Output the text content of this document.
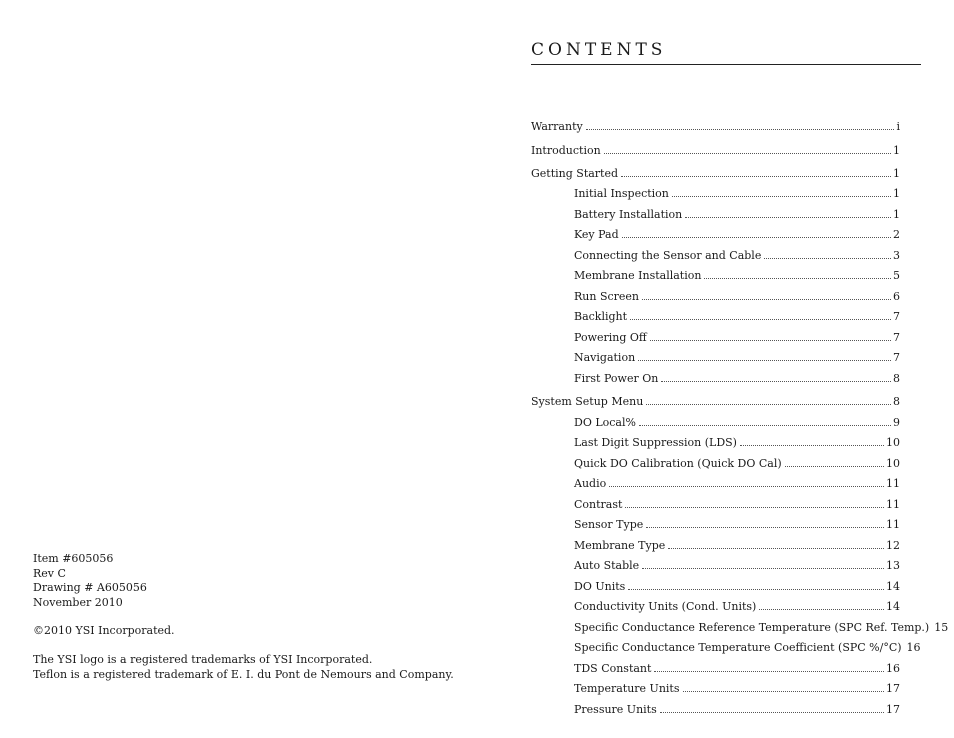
Item #605056
Rev C
Drawing # A605056
November 2010
©2010 YSI Incorporated.
The YSI logo is a registered trademarks of YSI Incorporated.
Teflon is a registered trademark of E. I. du Pont de Nemours and Company.
CONTENTS
Warranty	i
Introduction	1
Getting Started	1
Initial Inspection	1
Battery Installation	1
Key Pad	2
Connecting the Sensor and Cable	3
Membrane Installation	5
Run Screen	6
Backlight	7
Powering Off	7
Navigation	7
First Power On	8
System Setup Menu	8
DO Local%	9
Last Digit Suppression (LDS)	10
Quick DO Calibration (Quick DO Cal)	10
Audio	11
Contrast	11
Sensor Type	11
Membrane Type	12
Auto Stable	13
DO Units	14
Conductivity Units (Cond. Units)	14
Specific Conductance Reference Temperature (SPC Ref. Temp.) 15
Specific Conductance Temperature Coefficient (SPC %/°C) 16
TDS Constant	16
Temperature Units	17
Pressure Units	17
